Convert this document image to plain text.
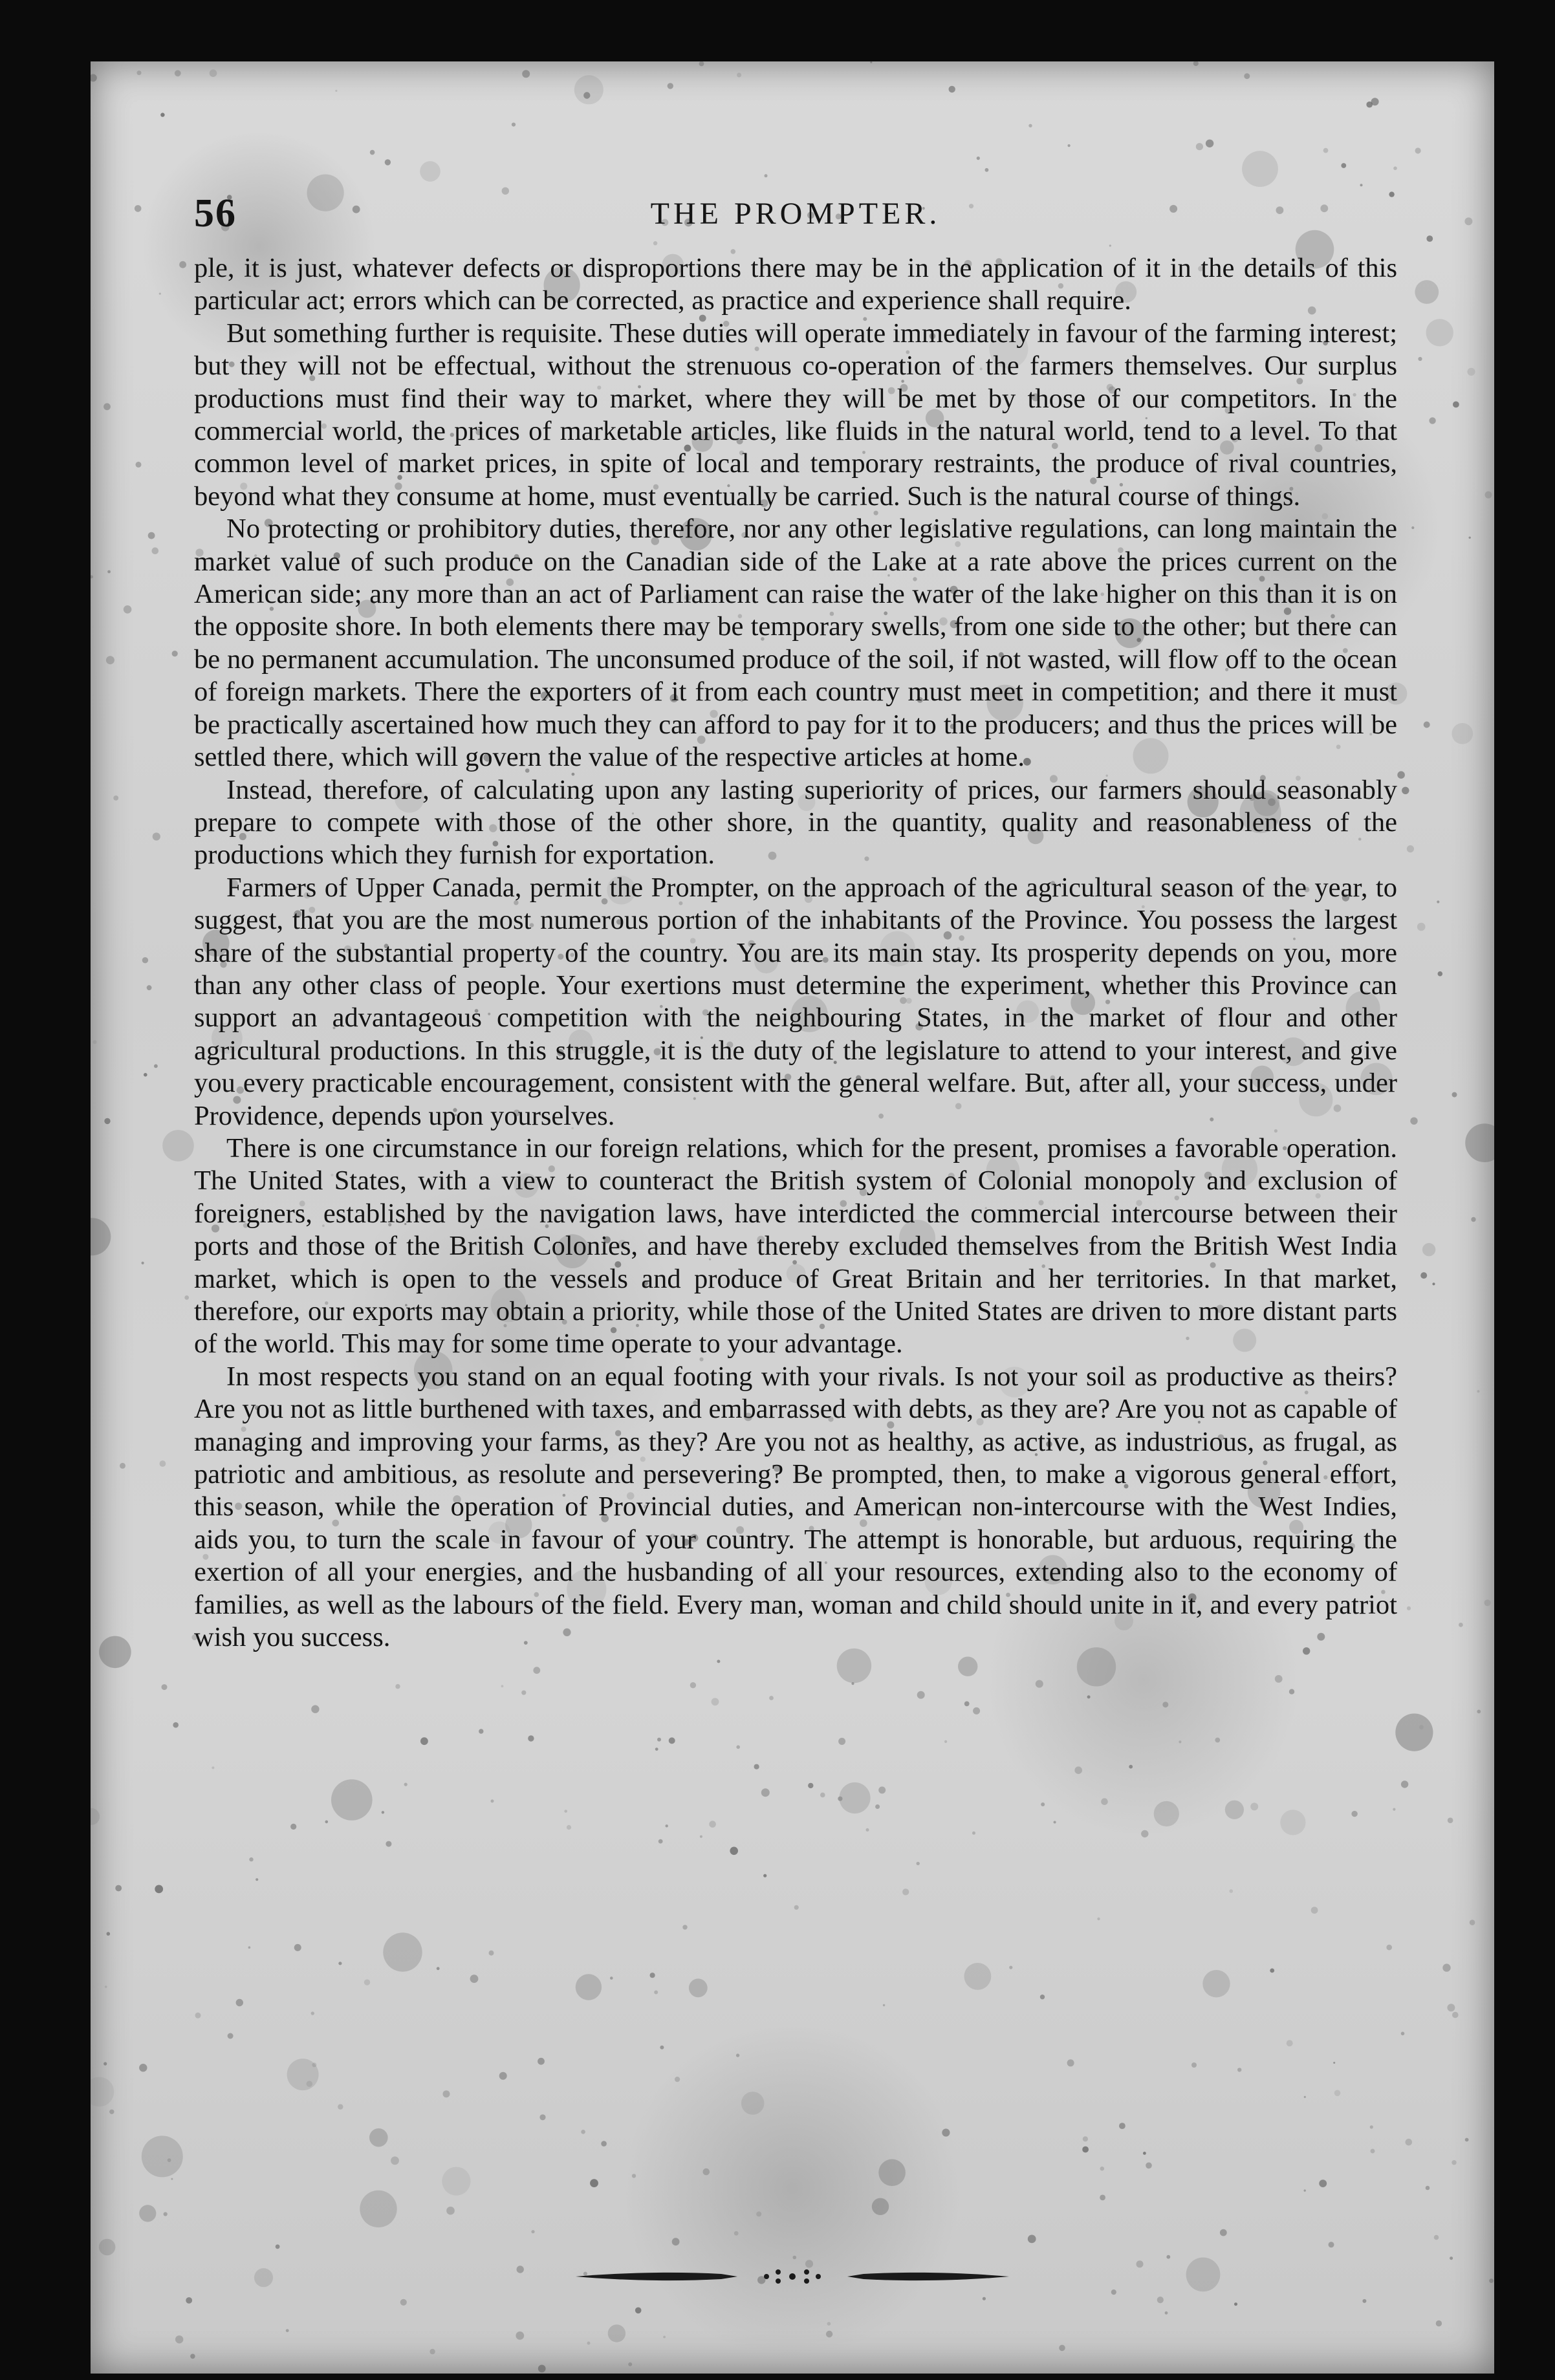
56	THE PROMPTER.

ple, it is just, whatever defects or disproportions there may be in the application of it in the details of this particular act; errors which can be corrected, as practice and experience shall require.

But something further is requisite. These duties will operate immediately in favour of the farming interest; but they will not be effectual, without the strenuous co-operation of the farmers themselves. Our surplus productions must find their way to market, where they will be met by those of our competitors. In the commercial world, the prices of marketable articles, like fluids in the natural world, tend to a level. To that common level of market prices, in spite of local and temporary restraints, the produce of rival countries, beyond what they consume at home, must eventually be carried. Such is the natural course of things.

No protecting or prohibitory duties, therefore, nor any other legislative regulations, can long maintain the market value of such produce on the Canadian side of the Lake at a rate above the prices current on the American side; any more than an act of Parliament can raise the water of the lake higher on this than it is on the opposite shore. In both elements there may be temporary swells, from one side to the other; but there can be no permanent accumulation. The unconsumed produce of the soil, if not wasted, will flow off to the ocean of foreign markets. There the exporters of it from each country must meet in competition; and there it must be practically ascertained how much they can afford to pay for it to the producers; and thus the prices will be settled there, which will govern the value of the respective articles at home.

Instead, therefore, of calculating upon any lasting superiority of prices, our farmers should seasonably prepare to compete with those of the other shore, in the quantity, quality and reasonableness of the productions which they furnish for exportation.

Farmers of Upper Canada, permit the Prompter, on the approach of the agricultural season of the year, to suggest, that you are the most numerous portion of the inhabitants of the Province. You possess the largest share of the substantial property of the country. You are its main stay. Its prosperity depends on you, more than any other class of people. Your exertions must determine the experiment, whether this Province can support an advantageous competition with the neighbouring States, in the market of flour and other agricultural productions. In this struggle, it is the duty of the legislature to attend to your interest, and give you every practicable encouragement, consistent with the general welfare. But, after all, your success, under Providence, depends upon yourselves.

There is one circumstance in our foreign relations, which for the present, promises a favorable operation. The United States, with a view to counteract the British system of Colonial monopoly and exclusion of foreigners, established by the navigation laws, have interdicted the commercial intercourse between their ports and those of the British Colonies, and have thereby excluded themselves from the British West India market, which is open to the vessels and produce of Great Britain and her territories. In that market, therefore, our exports may obtain a priority, while those of the United States are driven to more distant parts of the world. This may for some time operate to your advantage.

In most respects you stand on an equal footing with your rivals. Is not your soil as productive as theirs? Are you not as little burthened with taxes, and embarrassed with debts, as they are? Are you not as capable of managing and improving your farms, as they? Are you not as healthy, as active, as industrious, as frugal, as patriotic and ambitious, as resolute and persevering? Be prompted, then, to make a vigorous general effort, this season, while the operation of Provincial duties, and American non-intercourse with the West Indies, aids you, to turn the scale in favour of your country. The attempt is honorable, but arduous, requiring the exertion of all your energies, and the husbanding of all your resources, extending also to the economy of families, as well as the labours of the field. Every man, woman and child should unite in it, and every patriot wish you success.
